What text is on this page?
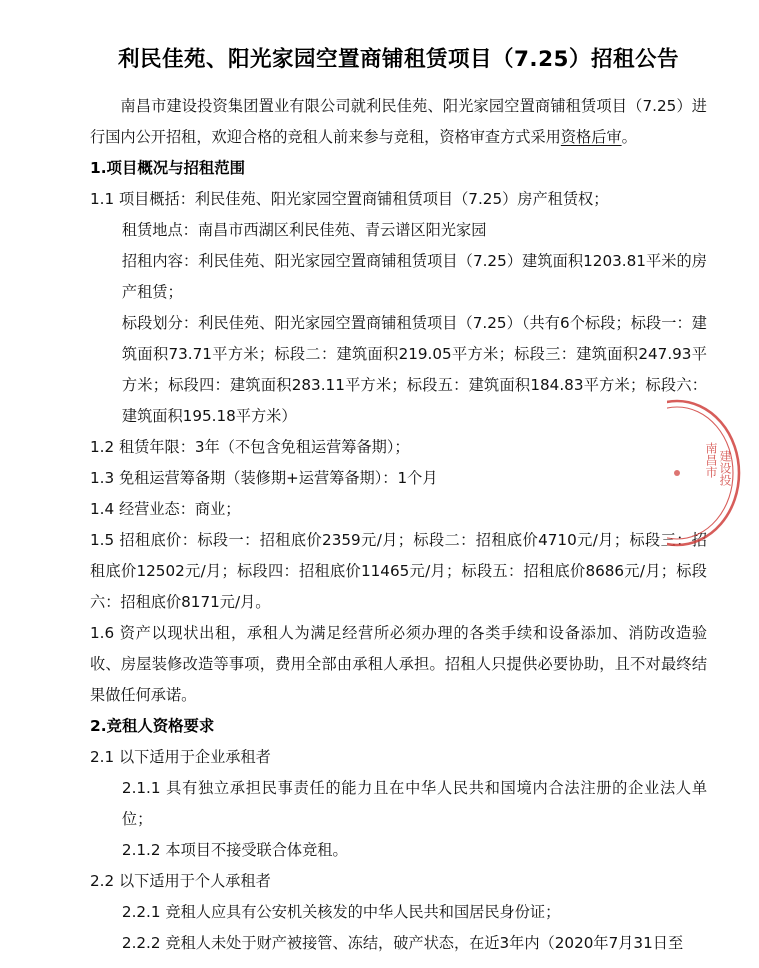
利民佳苑、阳光家园空置商铺租赁项目（7.25）招租公告

南昌市建设投资集团置业有限公司就利民佳苑、阳光家园空置商铺租赁项目（7.25）进行国内公开招租，欢迎合格的竞租人前来参与竞租，资格审查方式采用资格后审。

1.项目概况与招租范围

1.1 项目概括：利民佳苑、阳光家园空置商铺租赁项目（7.25）房产租赁权；

租赁地点：南昌市西湖区利民佳苑、青云谱区阳光家园

招租内容：利民佳苑、阳光家园空置商铺租赁项目（7.25）建筑面积1203.81平米的房产租赁；

标段划分：利民佳苑、阳光家园空置商铺租赁项目（7.25）（共有6个标段；标段一：建筑面积73.71平方米；标段二：建筑面积219.05平方米；标段三：建筑面积247.93平方米；标段四：建筑面积283.11平方米；标段五：建筑面积184.83平方米；标段六：建筑面积195.18平方米）

1.2 租赁年限：3年（不包含免租运营筹备期）；

1.3 免租运营筹备期（装修期+运营筹备期）：1个月

1.4 经营业态：商业；

1.5 招租底价：标段一：招租底价2359元/月；标段二：招租底价4710元/月；标段三：招租底价12502元/月；标段四：招租底价11465元/月；标段五：招租底价8686元/月；标段六：招租底价8171元/月。

1.6 资产以现状出租，承租人为满足经营所必须办理的各类手续和设备添加、消防改造验收、房屋装修改造等事项，费用全部由承租人承担。招租人只提供必要协助，且不对最终结果做任何承诺。

2.竞租人资格要求

2.1 以下适用于企业承租者

2.1.1 具有独立承担民事责任的能力且在中华人民共和国境内合法注册的企业法人单位；

2.1.2 本项目不接受联合体竞租。

2.2 以下适用于个人承租者

2.2.1 竞租人应具有公安机关核发的中华人民共和国居民身份证；

2.2.2 竞租人未处于财产被接管、冻结，破产状态，在近3年内（2020年7月31日至

南昌市 建设投
